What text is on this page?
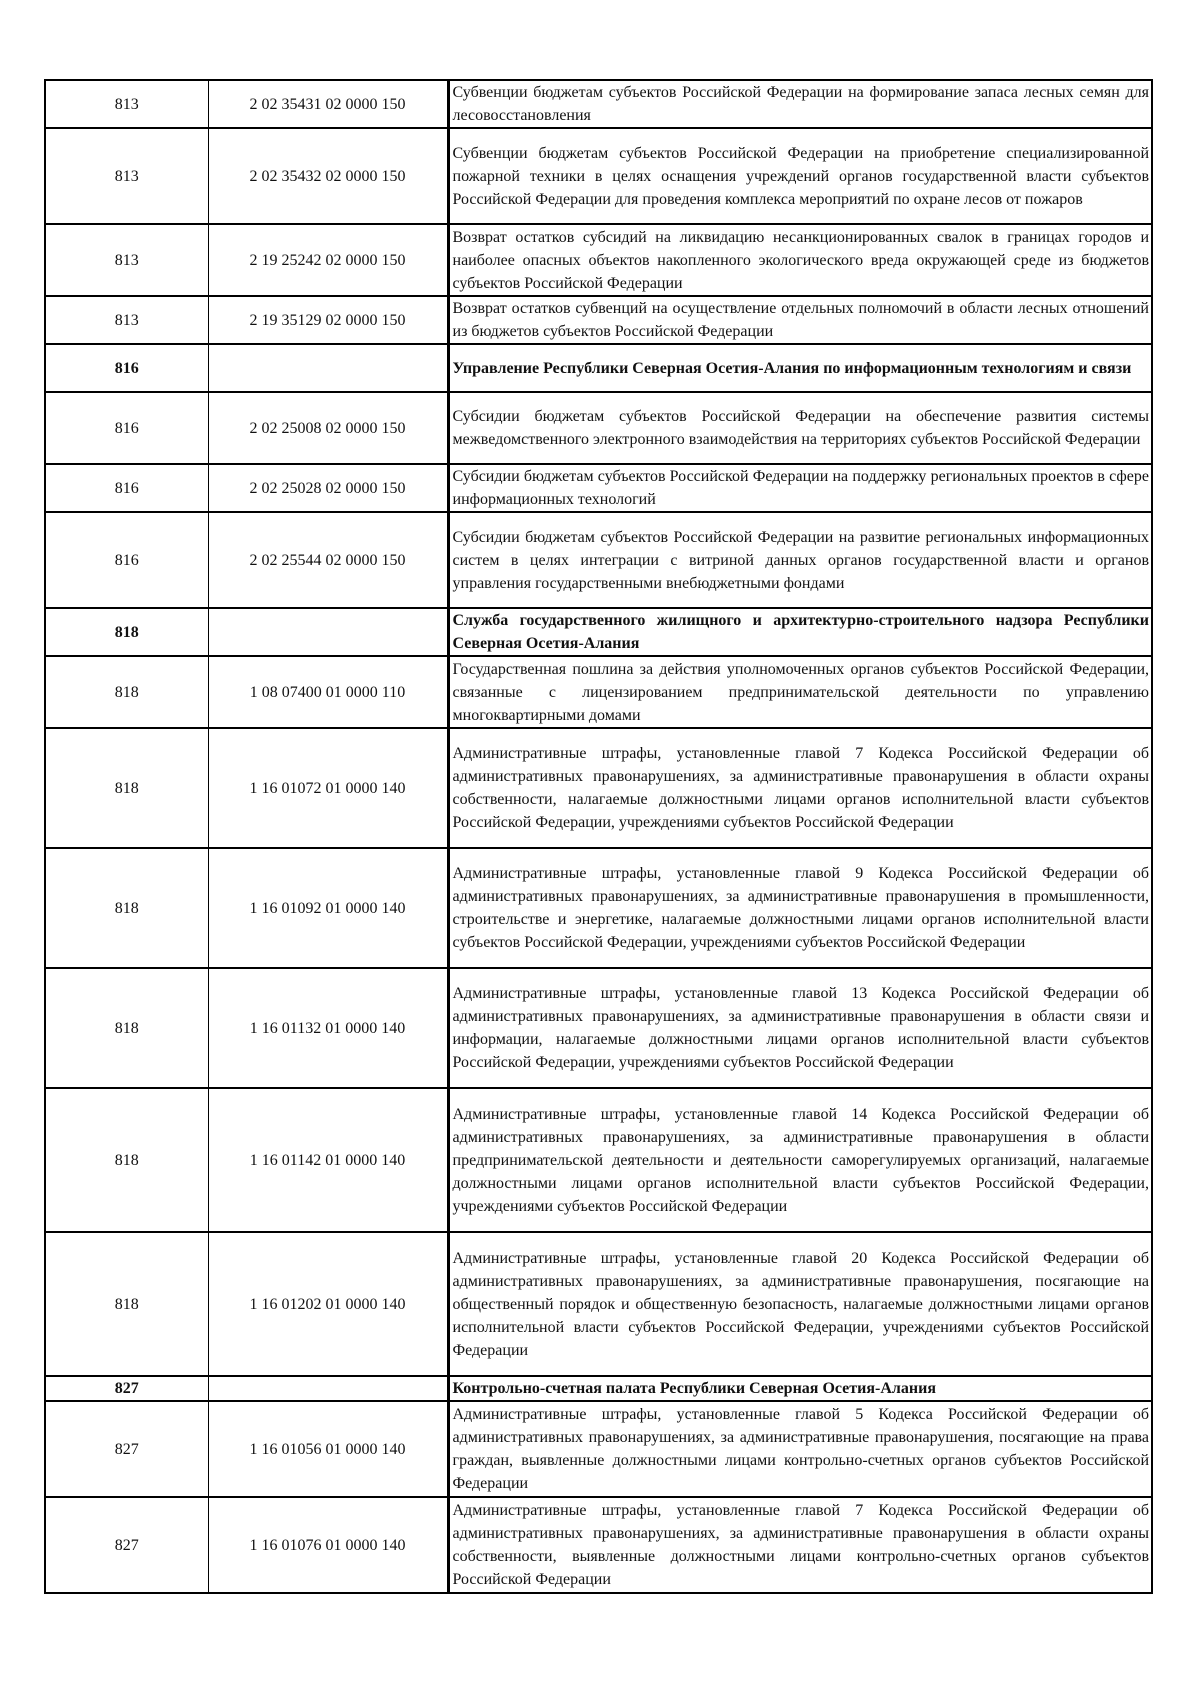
813	2 02 35431 02 0000 150	Субвенции бюджетам субъектов Российской Федерации на формирование запаса лесных семян для лесовосстановления
813	2 02 35432 02 0000 150	Субвенции бюджетам субъектов Российской Федерации на приобретение специализированной пожарной техники в целях оснащения учреждений органов государственной власти субъектов Российской Федерации для проведения комплекса мероприятий по охране лесов от пожаров
813	2 19 25242 02 0000 150	Возврат остатков субсидий на ликвидацию несанкционированных свалок в границах городов и наиболее опасных объектов накопленного экологического вреда окружающей среде из бюджетов субъектов Российской Федерации
813	2 19 35129 02 0000 150	Возврат остатков субвенций на осуществление отдельных полномочий в области лесных отношений из бюджетов субъектов Российской Федерации
816		Управление Республики Северная Осетия-Алания по информационным технологиям и связи
816	2 02 25008 02 0000 150	Субсидии бюджетам субъектов Российской Федерации на обеспечение развития системы межведомственного электронного взаимодействия на территориях субъектов Российской Федерации
816	2 02 25028 02 0000 150	Субсидии бюджетам субъектов Российской Федерации на поддержку региональных проектов в сфере информационных технологий
816	2 02 25544 02 0000 150	Субсидии бюджетам субъектов Российской Федерации на развитие региональных информационных систем в целях интеграции с витриной данных органов государственной власти и органов управления государственными внебюджетными фондами
818		Служба государственного жилищного и архитектурно-строительного надзора Республики Северная Осетия-Алания
818	1 08 07400 01 0000 110	Государственная пошлина за действия уполномоченных органов субъектов Российской Федерации, связанные с лицензированием предпринимательской деятельности по управлению многоквартирными домами
818	1 16 01072 01 0000 140	Административные штрафы, установленные главой 7 Кодекса Российской Федерации об административных правонарушениях, за административные правонарушения в области охраны собственности, налагаемые должностными лицами органов исполнительной власти субъектов Российской Федерации, учреждениями субъектов Российской Федерации
818	1 16 01092 01 0000 140	Административные штрафы, установленные главой 9 Кодекса Российской Федерации об административных правонарушениях, за административные правонарушения в промышленности, строительстве и энергетике, налагаемые должностными лицами органов исполнительной власти субъектов Российской Федерации, учреждениями субъектов Российской Федерации
818	1 16 01132 01 0000 140	Административные штрафы, установленные главой 13 Кодекса Российской Федерации об административных правонарушениях, за административные правонарушения в области связи и информации, налагаемые должностными лицами органов исполнительной власти субъектов Российской Федерации, учреждениями субъектов Российской Федерации
818	1 16 01142 01 0000 140	Административные штрафы, установленные главой 14 Кодекса Российской Федерации об административных правонарушениях, за административные правонарушения в области предпринимательской деятельности и деятельности саморегулируемых организаций, налагаемые должностными лицами органов исполнительной власти субъектов Российской Федерации, учреждениями субъектов Российской Федерации
818	1 16 01202 01 0000 140	Административные штрафы, установленные главой 20 Кодекса Российской Федерации об административных правонарушениях, за административные правонарушения, посягающие на общественный порядок и общественную безопасность, налагаемые должностными лицами органов исполнительной власти субъектов Российской Федерации, учреждениями субъектов Российской Федерации
827		Контрольно-счетная палата Республики Северная Осетия-Алания
827	1 16 01056 01 0000 140	Административные штрафы, установленные главой 5 Кодекса Российской Федерации об административных правонарушениях, за административные правонарушения, посягающие на права граждан, выявленные должностными лицами контрольно-счетных органов субъектов Российской Федерации
827	1 16 01076 01 0000 140	Административные штрафы, установленные главой 7 Кодекса Российской Федерации об административных правонарушениях, за административные правонарушения в области охраны собственности, выявленные должностными лицами контрольно-счетных органов субъектов Российской Федерации
